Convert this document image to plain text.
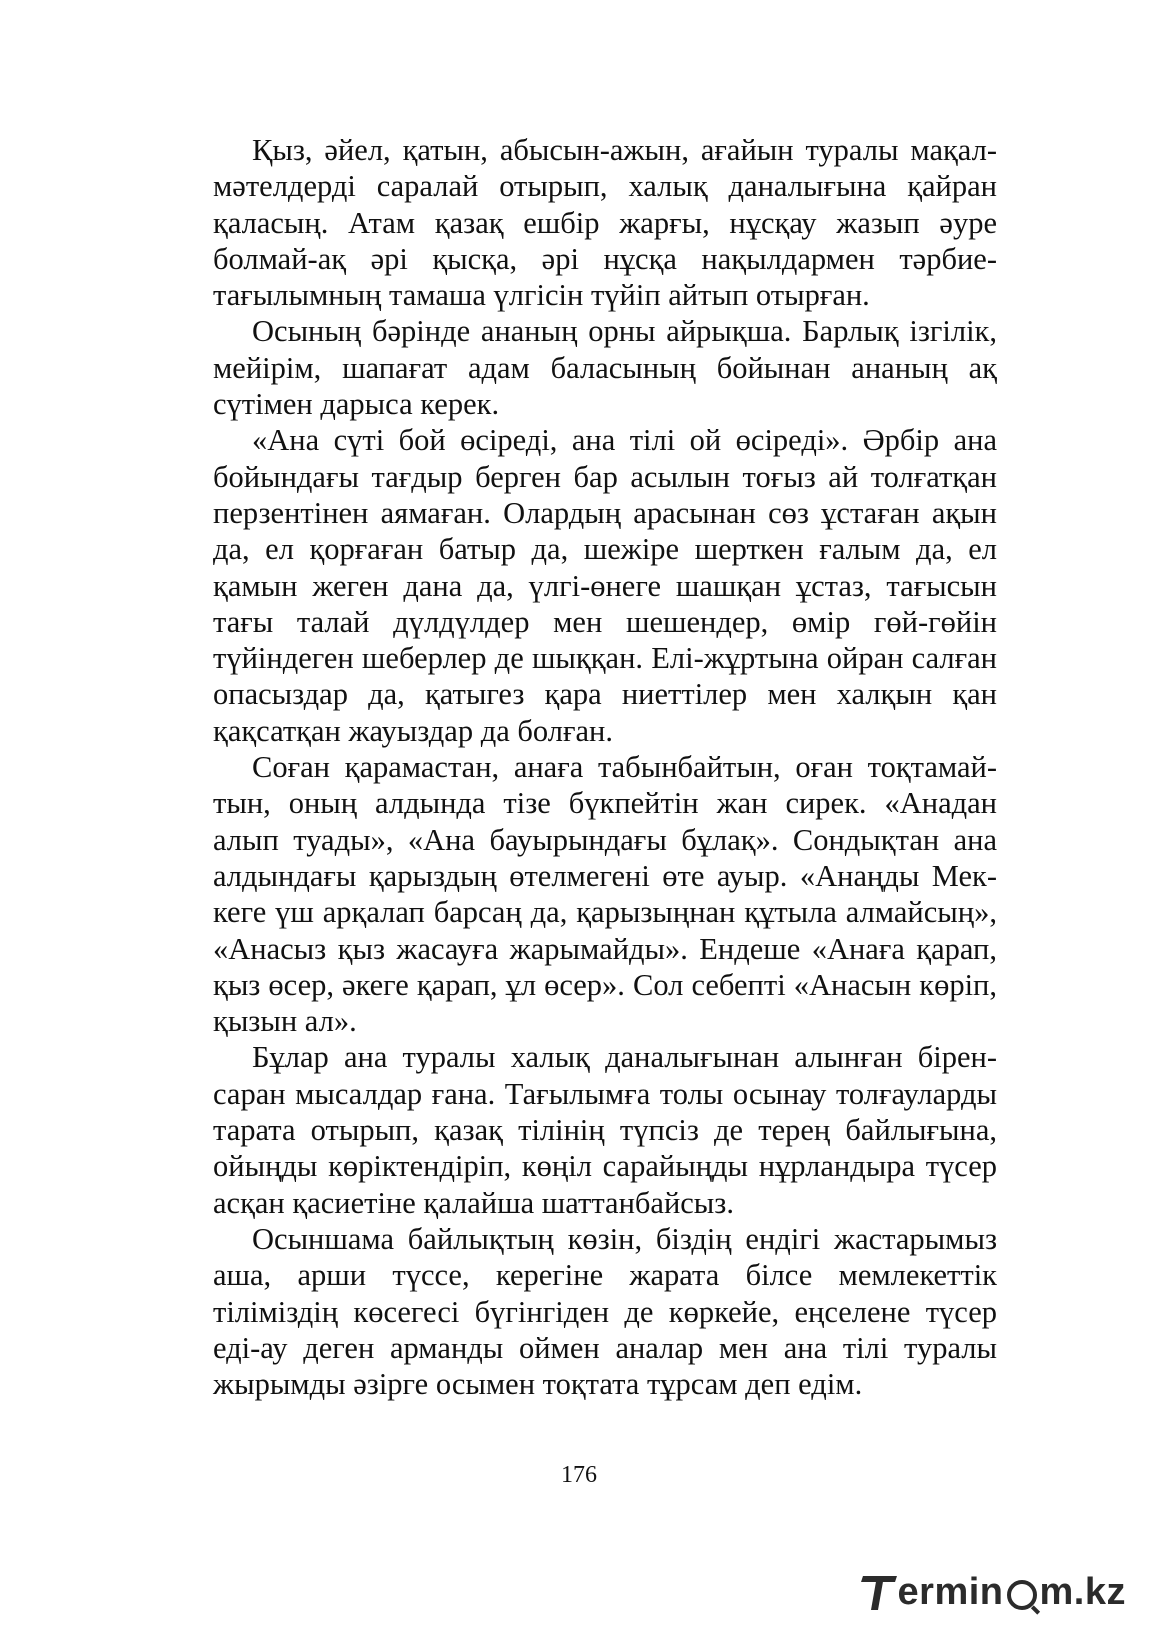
Қыз, әйел, қатын, абысын-ажын, ағайын туралы мақал-мәтелдерді саралай отырып, халық даналығына қайран қаласың. Атам қазақ ешбір жарғы, нұсқау жазып әуре болмай-ақ әрі қысқа, әрі нұсқа нақылдармен тәрбие-тағылымның тамаша үлгісін түйіп айтып отырған.

Осының бәрінде ананың орны айрықша. Барлық ізгілік, мейірім, шапағат адам баласының бойынан ананың ақ сүтімен дарыса керек.

«Ана сүті бой өсіреді, ана тілі ой өсіреді». Әрбір ана бойындағы тағдыр берген бар асылын тоғыз ай толғатқан перзентінен аямаған. Олардың арасынан сөз ұстаған ақын да, ел қорғаған батыр да, шежіре шерткен ғалым да, ел қамын жеген дана да, үлгі-өнеге шашқан ұстаз, тағысын тағы талай дүлдүлдер мен шешендер, өмір гөй-гөйін түйіндеген шеберлер де шыққан. Елі-жұртына ойран салған опасыздар да, қатыгез қара ниеттілер мен халқын қан қақсатқан жауыздар да болған.

Соған қарамастан, анаға табынбайтын, оған тоқтамай-тын, оның алдында тізе бүкпейтін жан сирек. «Анадан алып туады», «Ана бауырындағы бұлақ». Сондықтан ана алдындағы қарыздың өтелмегені өте ауыр. «Анаңды Мек-кеге үш арқалап барсаң да, қарызыңнан құтыла алмайсың», «Анасыз қыз жасауға жарымайды». Ендеше «Анаға қарап, қыз өсер, әкеге қарап, ұл өсер». Сол себепті «Анасын көріп, қызын ал».

Бұлар ана туралы халық даналығынан алынған бірен-саран мысалдар ғана. Тағылымға толы осынау толғауларды тарата отырып, қазақ тілінің түпсіз де терең байлығына, ойыңды көріктендіріп, көңіл сарайыңды нұрландыра түсер асқан қасиетіне қалайша шаттанбайсыз.

Осыншама байлықтың көзін, біздің ендігі жастарымыз аша, арши түссе, керегіне жарата білсе мемлекеттік тіліміздің көсегесі бүгінгіден де көркейе, еңселене түсер еді-ау деген арманды оймен аналар мен ана тілі туралы жырымды әзірге осымен тоқтата тұрсам деп едім.

176
ermin m.kz
